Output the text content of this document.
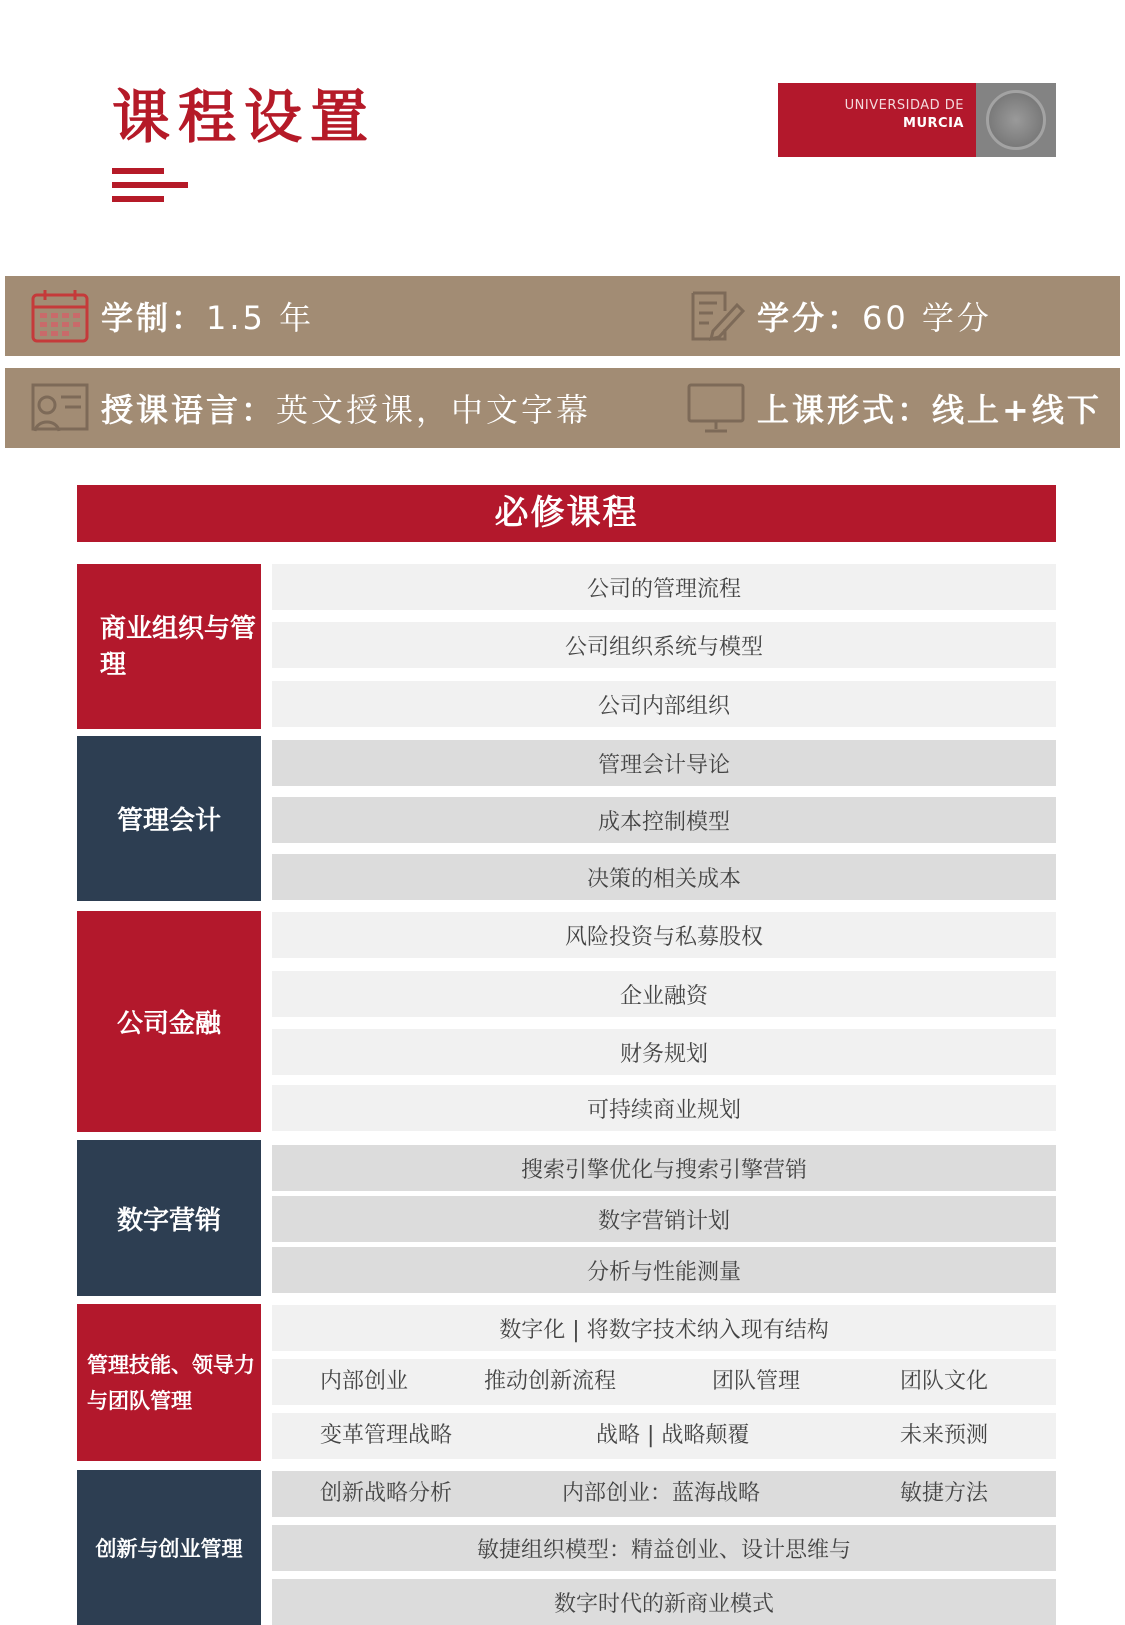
课程设置	UNIVERSIDAD DE
MURCIA
学制： 1.5 年	学分： 60 学分
授课语言： 英文授课，中文字幕	上课形式： 线上+线下
必修课程
商业组织与管理
公司的管理流程
公司组织系统与模型
公司内部组织
管理会计
管理会计导论
成本控制模型
决策的相关成本
公司金融
风险投资与私募股权
企业融资
财务规划
可持续商业规划
数字营销
搜索引擎优化与搜索引擎营销
数字营销计划
分析与性能测量
管理技能、领导力与团队管理
数字化 | 将数字技术纳入现有结构
内部创业	推动创新流程	团队管理	团队文化
变革管理战略	战略 | 战略颠覆	未来预测
创新与创业管理
创新战略分析	内部创业：蓝海战略	敏捷方法
敏捷组织模型：精益创业、设计思维与
数字时代的新商业模式
